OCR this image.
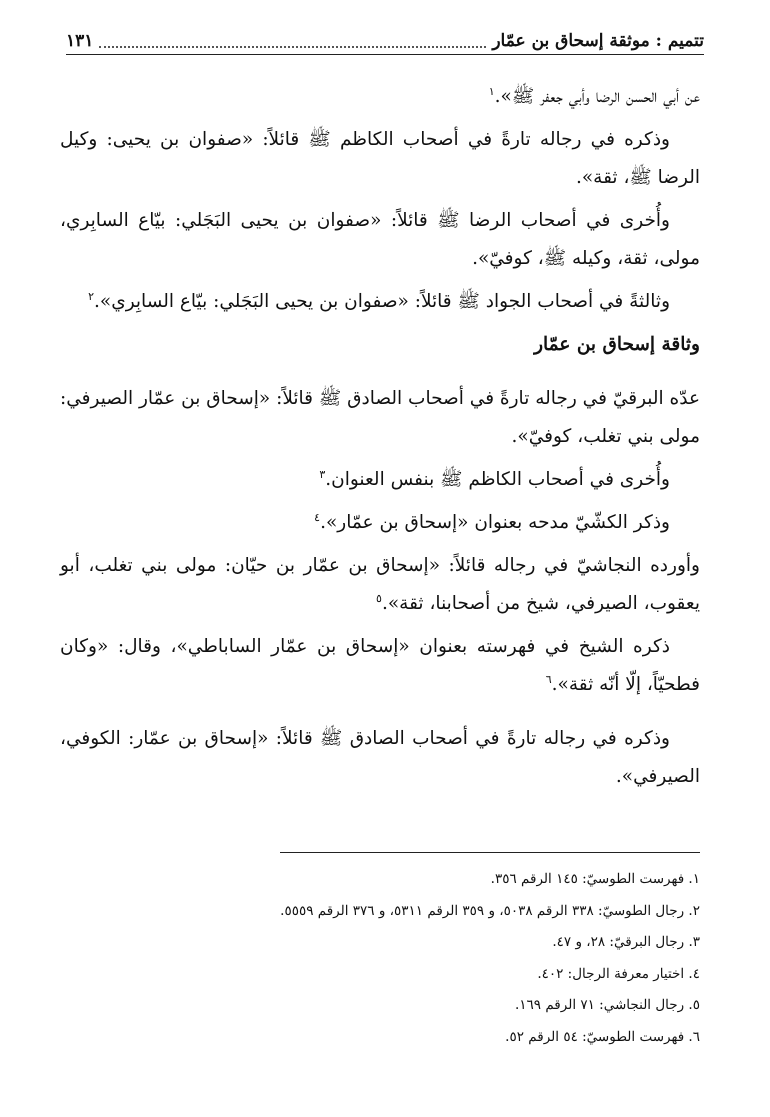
تتميم : موثقة إسحاق بن عمّار
١٣١

عن أبي الحسن الرضا وأبي جعفر ﷺ».$^١$

وذكره في رجاله تارةً في أصحاب الكاظم ﷺ قائلاً: «صفوان بن يحيى: وكيل الرضا ﷺ، ثقة».

وأُخرى في أصحاب الرضا ﷺ قائلاً: «صفوان بن يحيى البَجَلي: بيّاع السابِري، مولى، ثقة، وكيله ﷺ، كوفيّ».

وثالثةً في أصحاب الجواد ﷺ قائلاً: «صفوان بن يحيى البَجَلي: بيّاع السابِري».$^٢$

وثاقة إسحاق بن عمّار

عدّه البرقيّ في رجاله تارةً في أصحاب الصادق ﷺ قائلاً: «إسحاق بن عمّار الصيرفي: مولى بني تغلب، كوفيّ».

وأُخرى في أصحاب الكاظم ﷺ بنفس العنوان.$^٣$

وذكر الكشّيّ مدحه بعنوان «إسحاق بن عمّار».$^٤$

وأورده النجاشيّ في رجاله قائلاً: «إسحاق بن عمّار بن حيّان: مولى بني تغلب، أبو يعقوب، الصيرفي، شيخ من أصحابنا، ثقة».$^٥$

ذكره الشيخ في فهرسته بعنوان «إسحاق بن عمّار الساباطي»، وقال: «وكان فطحيّاً، إلّا أنّه ثقة».$^٦$

وذكره في رجاله تارةً في أصحاب الصادق ﷺ قائلاً: «إسحاق بن عمّار: الكوفي، الصيرفي».

١. فهرست الطوسيّ: ١٤٥ الرقم ٣٥٦.
٢. رجال الطوسيّ: ٣٣٨ الرقم ٥٠٣٨، و ٣٥٩ الرقم ٥٣١١، و ٣٧٦ الرقم ٥٥٥٩.
٣. رجال البرقيّ: ٢٨، و ٤٧.
٤. اختيار معرفة الرجال: ٤٠٢.
٥. رجال النجاشي: ٧١ الرقم ١٦٩.
٦. فهرست الطوسيّ: ٥٤ الرقم ٥٢.
